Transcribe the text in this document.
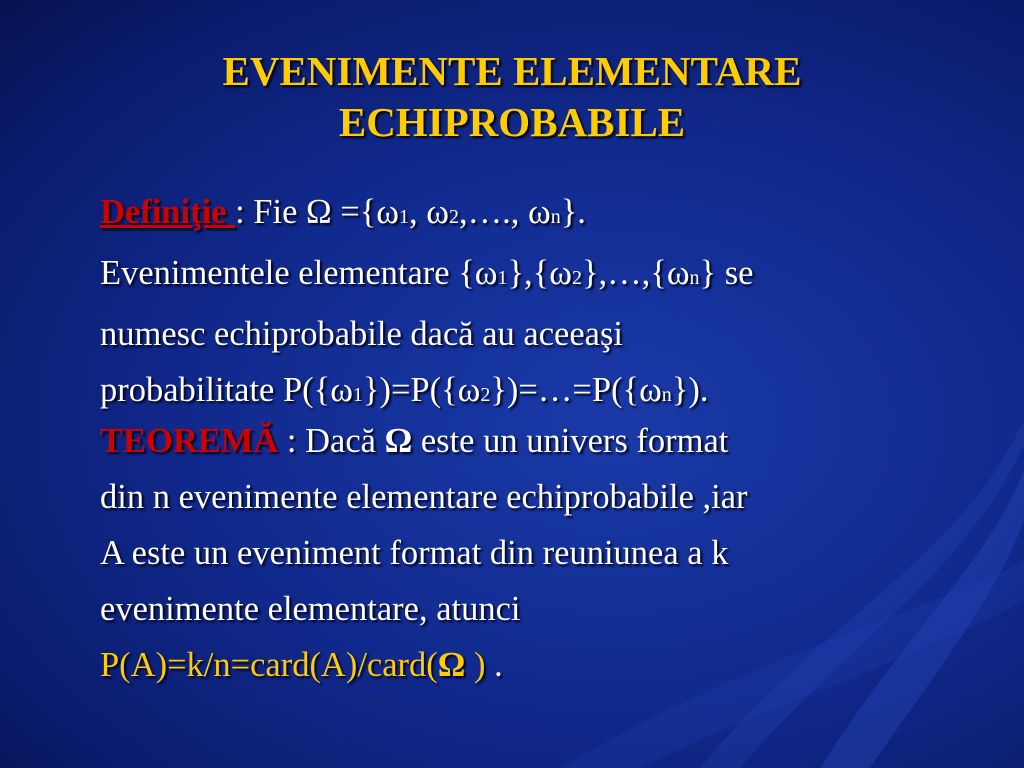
EVENIMENTE ELEMENTARE
ECHIPROBABILE
Definiţie : Fie Ω ={ω1, ω2,…., ωn}.
Evenimentele elementare {ω1},{ω2},…,{ωn} se
numesc echiprobabile dacă au aceeaşi
probabilitate P({ω1})=P({ω2})=…=P({ωn}).
TEOREMĂ : Dacă Ω este un univers format
din n evenimente elementare echiprobabile ,iar
A este un eveniment format din reuniunea a k
evenimente elementare, atunci
P(A)=k/n=card(A)/card(Ω ) .
